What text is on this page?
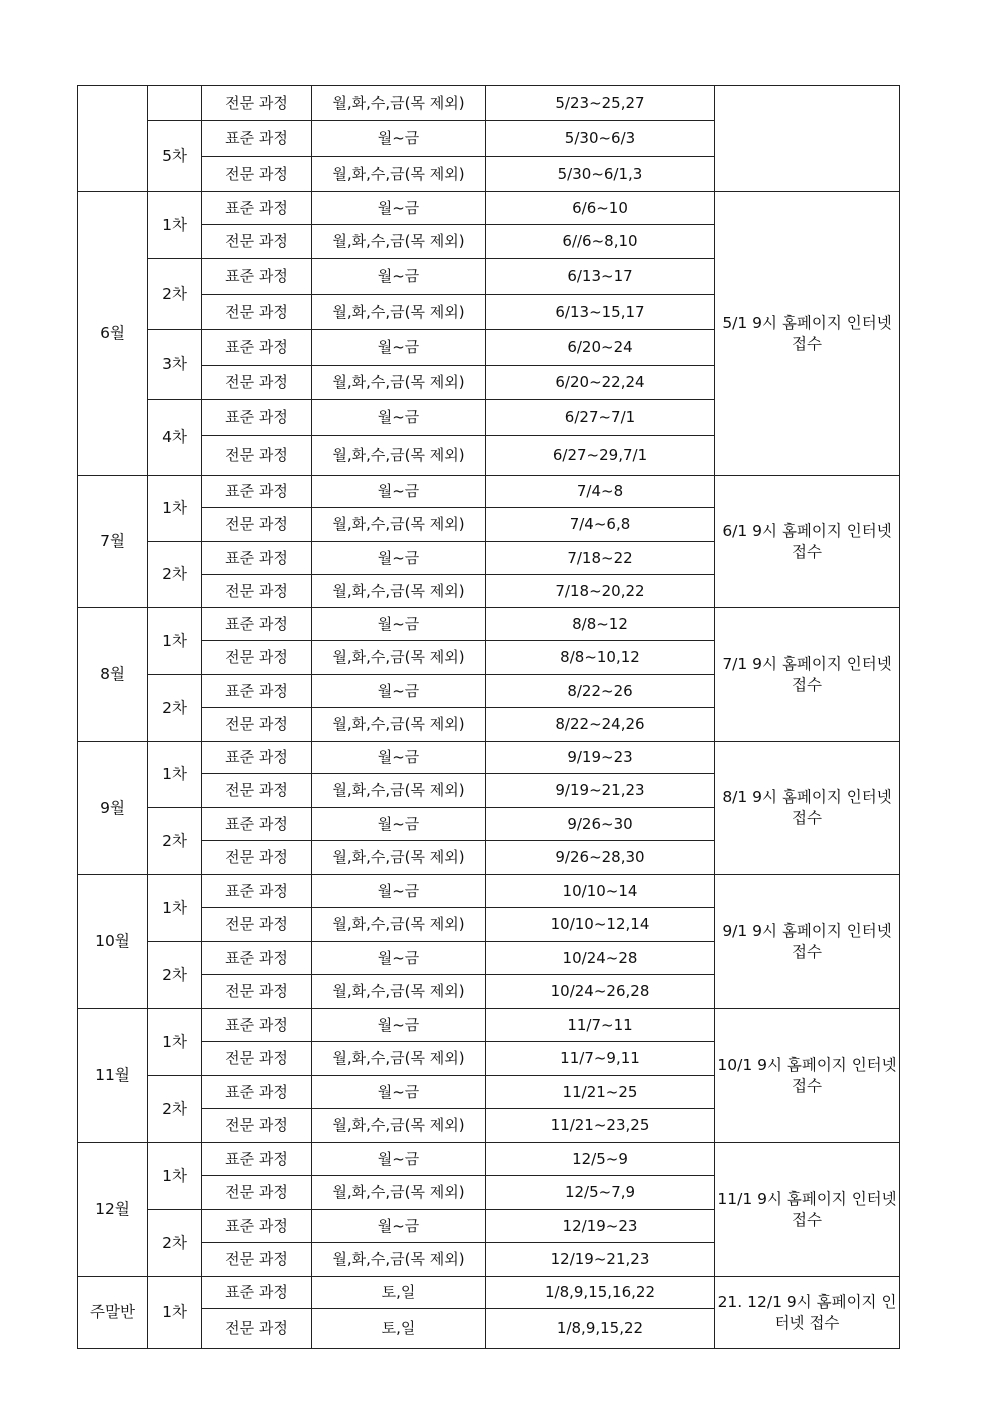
		전문 과정	월,화,수,금(목 제외)	5/23~25,27	
	5차	표준 과정	월~금	5/30~6/3	
		전문 과정	월,화,수,금(목 제외)	5/30~6/1,3	
6월	1차	표준 과정	월~금	6/6~10	5/1 9시 홈페이지 인터넷 접수
		전문 과정	월,화,수,금(목 제외)	6//6~8,10	
	2차	표준 과정	월~금	6/13~17	
		전문 과정	월,화,수,금(목 제외)	6/13~15,17	
	3차	표준 과정	월~금	6/20~24	
		전문 과정	월,화,수,금(목 제외)	6/20~22,24	
	4차	표준 과정	월~금	6/27~7/1	
		전문 과정	월,화,수,금(목 제외)	6/27~29,7/1	
7월	1차	표준 과정	월~금	7/4~8	6/1 9시 홈페이지 인터넷 접수
		전문 과정	월,화,수,금(목 제외)	7/4~6,8	
	2차	표준 과정	월~금	7/18~22	
		전문 과정	월,화,수,금(목 제외)	7/18~20,22	
8월	1차	표준 과정	월~금	8/8~12	7/1 9시 홈페이지 인터넷 접수
		전문 과정	월,화,수,금(목 제외)	8/8~10,12	
	2차	표준 과정	월~금	8/22~26	
		전문 과정	월,화,수,금(목 제외)	8/22~24,26	
9월	1차	표준 과정	월~금	9/19~23	8/1 9시 홈페이지 인터넷 접수
		전문 과정	월,화,수,금(목 제외)	9/19~21,23	
	2차	표준 과정	월~금	9/26~30	
		전문 과정	월,화,수,금(목 제외)	9/26~28,30	
10월	1차	표준 과정	월~금	10/10~14	9/1 9시 홈페이지 인터넷 접수
		전문 과정	월,화,수,금(목 제외)	10/10~12,14	
	2차	표준 과정	월~금	10/24~28	
		전문 과정	월,화,수,금(목 제외)	10/24~26,28	
11월	1차	표준 과정	월~금	11/7~11	10/1 9시 홈페이지 인터넷 접수
		전문 과정	월,화,수,금(목 제외)	11/7~9,11	
	2차	표준 과정	월~금	11/21~25	
		전문 과정	월,화,수,금(목 제외)	11/21~23,25	
12월	1차	표준 과정	월~금	12/5~9	11/1 9시 홈페이지 인터넷 접수
		전문 과정	월,화,수,금(목 제외)	12/5~7,9	
	2차	표준 과정	월~금	12/19~23	
		전문 과정	월,화,수,금(목 제외)	12/19~21,23	
주말반	1차	표준 과정	토,일	1/8,9,15,16,22	21. 12/1 9시 홈페이지 인터넷 접수
		전문 과정	토,일	1/8,9,15,22	
